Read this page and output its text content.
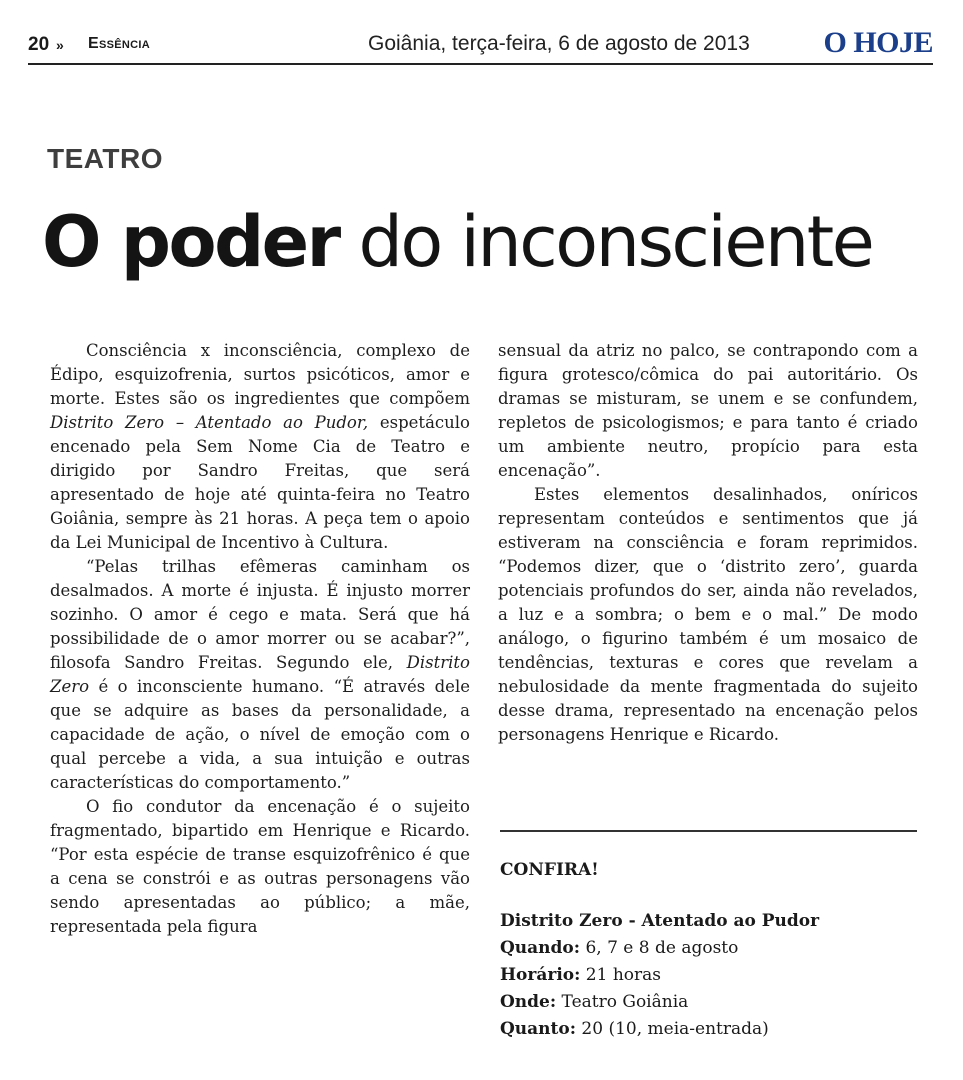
20 » Essência	Goiânia, terça-feira, 6 de agosto de 2013 O HOJE
TEATRO
O poder do inconsciente

Consciência x inconsciência, complexo de Édipo, esquizofrenia, surtos psicóticos, amor e morte. Estes são os ingredientes que compõem Distrito Zero – Atentado ao Pudor, espetáculo encenado pela Sem Nome Cia de Teatro e dirigido por Sandro Freitas, que será apresentado de hoje até quinta-feira no Teatro Goiânia, sempre às 21 horas. A peça tem o apoio da Lei Municipal de Incentivo à Cultura.

“Pelas trilhas efêmeras caminham os desalmados. A morte é injusta. É injusto morrer sozinho. O amor é cego e mata. Será que há possibilidade de o amor morrer ou se acabar?”, filosofa Sandro Freitas. Segundo ele, Distrito Zero é o inconsciente humano. “É através dele que se adquire as bases da personalidade, a capacidade de ação, o nível de emoção com o qual percebe a vida, a sua intuição e outras características do comportamento.”

O fio condutor da encenação é o sujeito fragmentado, bipartido em Henrique e Ricardo. “Por esta espécie de transe esquizofrênico é que a cena se constrói e as outras personagens vão sendo apresentadas ao público; a mãe, representada pela figura

sensual da atriz no palco, se contrapondo com a figura grotesco/cômica do pai autoritário. Os dramas se misturam, se unem e se confundem, repletos de psicologismos; e para tanto é criado um ambiente neutro, propício para esta encenação”.

Estes elementos desalinhados, oníricos representam conteúdos e sentimentos que já estiveram na consciência e foram reprimidos. “Podemos dizer, que o ‘distrito zero’, guarda potenciais profundos do ser, ainda não revelados, a luz e a sombra; o bem e o mal.” De modo análogo, o figurino também é um mosaico de tendências, texturas e cores que revelam a nebulosidade da mente fragmentada do sujeito desse drama, representado na encenação pelos personagens Henrique e Ricardo.

CONFIRA!
Distrito Zero - Atentado ao Pudor
Quando: 6, 7 e 8 de agosto
Horário: 21 horas
Onde: Teatro Goiânia
Quanto: 20 (10, meia-entrada)
